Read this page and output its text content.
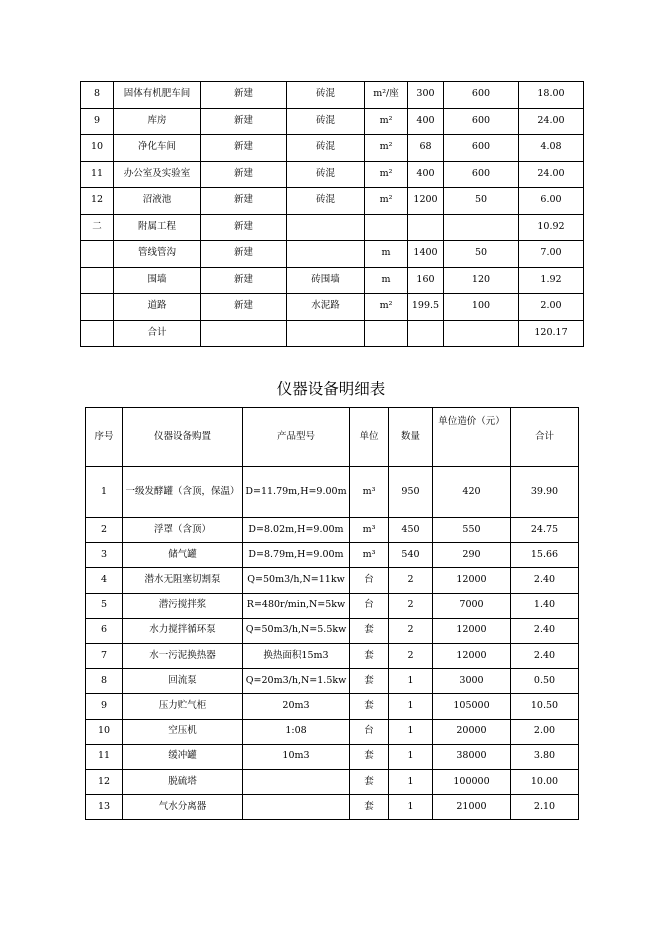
8	固体有机肥车间	新建	砖混	m²/座	300	600	18.00
9	库房	新建	砖混	m²	400	600	24.00
10	净化车间	新建	砖混	m²	68	600	4.08
11	办公室及实验室	新建	砖混	m²	400	600	24.00
12	沼液池	新建	砖混	m²	1200	50	6.00
二	附属工程	新建					10.92
	管线管沟	新建		m	1400	50	7.00
	围墙	新建	砖围墙	m	160	120	1.92
	道路	新建	水泥路	m²	199.5	100	2.00
	合计						120.17
仪器设备明细表
序号	仪器设备购置	产品型号	单位	数量	单位造价（元）	合计
1	一级发酵罐（含顶，保温）	D=11.79m,H=9.00m	m³	950	420	39.90
2	浮罩（含顶）	D=8.02m,H=9.00m	m³	450	550	24.75
3	储气罐	D=8.79m,H=9.00m	m³	540	290	15.66
4	潜水无阻塞切割泵	Q=50m3/h,N=11kw	台	2	12000	2.40
5	潜污搅拌浆	R=480r/min,N=5kw	台	2	7000	1.40
6	水力搅拌循环泵	Q=50m3/h,N=5.5kw	套	2	12000	2.40
7	水一污泥换热器	换热面积15m3	套	2	12000	2.40
8	回流泵	Q=20m3/h,N=1.5kw	套	1	3000	0.50
9	压力贮气柜	20m3	套	1	105000	10.50
10	空压机	1:08	台	1	20000	2.00
11	缓冲罐	10m3	套	1	38000	3.80
12	脱硫塔		套	1	100000	10.00
13	气水分离器		套	1	21000	2.10
